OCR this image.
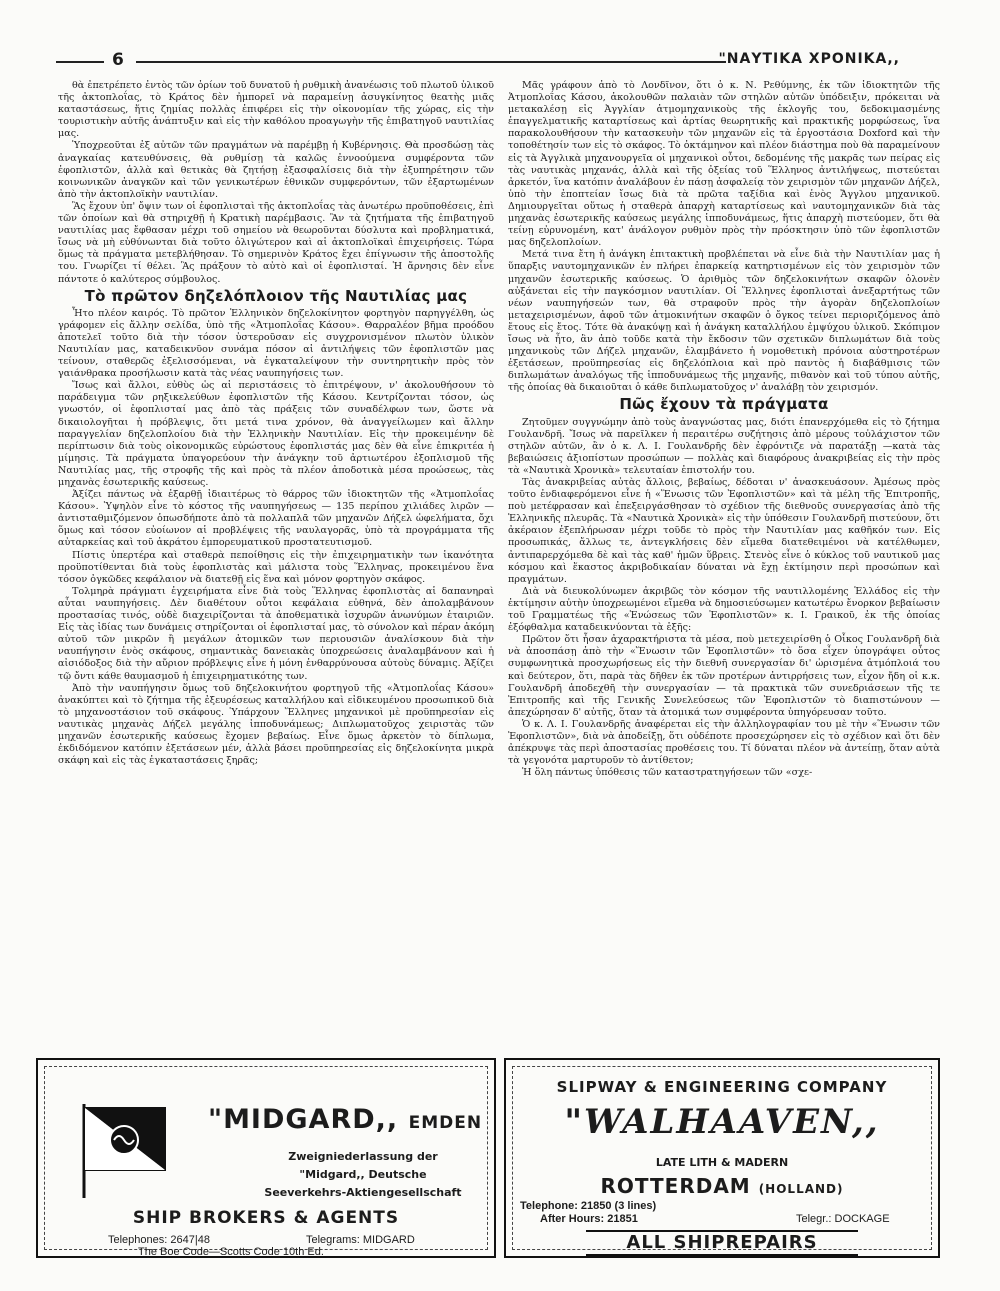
6	"ΝΑΥΤΙΚΑ ΧΡΟΝΙΚΑ,,

θὰ ἐπετρέπετο ἐντὸς τῶν ὁρίων τοῦ δυνατοῦ ἡ ρυθμικὴ ἀνανέωσις τοῦ πλωτοῦ ὑλικοῦ τῆς ἀκτοπλοΐας, τὸ Κράτος δὲν ἠμπορεῖ νὰ παραμείνῃ ἀσυγκίνητος θεατὴς μιᾶς καταστάσεως, ἥτις ζημίας πολλὰς ἐπιφέρει εἰς τὴν οἰκονομίαν τῆς χώρας, εἰς τὴν τουριστικὴν αὐτῆς ἀνάπτυξιν καὶ εἰς τὴν καθόλου προαγωγὴν τῆς ἐπιβατηγοῦ ναυτιλίας μας.

Ὑποχρεοῦται ἐξ αὐτῶν τῶν πραγμάτων νὰ παρέμβῃ ἡ Κυβέρνησις. Θὰ προσδώσῃ τὰς ἀναγκαίας κατευθύνσεις, θὰ ρυθμίσῃ τὰ καλῶς ἐννοούμενα συμφέροντα τῶν ἐφοπλιστῶν, ἀλλὰ καὶ θετικὰς θὰ ζητήσῃ ἐξασφαλίσεις διὰ τὴν ἐξυπηρέτησιν τῶν κοινωνικῶν ἀναγκῶν καὶ τῶν γενικωτέρων ἐθνικῶν συμφερόντων, τῶν ἐξαρτωμένων ἀπὸ τὴν ἀκτοπλοϊκὴν ναυτιλίαν.

Ἂς ἔχουν ὑπ' ὄψιν των οἱ ἐφοπλισταὶ τῆς ἀκτοπλοΐας τὰς ἀνωτέρω προϋποθέσεις, ἐπὶ τῶν ὁποίων καὶ θὰ στηριχθῇ ἡ Κρατικὴ παρέμβασις. Ἂν τὰ ζητήματα τῆς ἐπιβατηγοῦ ναυτιλίας μας ἔφθασαν μέχρι τοῦ σημείου νὰ θεωροῦνται δύσλυτα καὶ προβληματικά, ἴσως νὰ μὴ εὐθύνωνται διὰ τοῦτο ὀλιγώτερον καὶ αἱ ἀκτοπλοϊκαὶ ἐπιχειρήσεις. Τώρα ὅμως τὰ πράγματα μετεβλήθησαν. Τὸ σημερινὸν Κράτος ἔχει ἐπίγνωσιν τῆς ἀποστολῆς του. Γνωρίζει τί θέλει. Ἂς πράξουν τὸ αὐτὸ καὶ οἱ ἐφοπλισταί. Ἡ ἄρνησις δὲν εἶνε πάντοτε ὁ καλύτερος σύμβουλος.

Τὸ πρῶτον δηζελόπλοιον τῆς Ναυτιλίας μας

Ἦτο πλέον καιρός. Τὸ πρῶτον Ἑλληνικὸν δηζελοκίνητον φορτηγὸν παρηγγέλθη, ὡς γράφομεν εἰς ἄλλην σελίδα, ὑπὸ τῆς «Ἀτμοπλοΐας Κάσου». Θαρραλέον βῆμα προόδου ἀποτελεῖ τοῦτο διὰ τὴν τόσον ὑστεροῦσαν εἰς συγχρονισμένον πλωτὸν ὑλικὸν Ναυτιλίαν μας, καταδεικνῦον συνάμα πόσον αἱ ἀντιλήψεις τῶν ἐφοπλιστῶν μας τείνουν, σταθερῶς ἐξελισσόμεναι, νὰ ἐγκαταλείψουν τὴν συντηρητικὴν πρὸς τὸν γαιάνθρακα προσήλωσιν κατὰ τὰς νέας ναυπηγήσεις των.

Ἴσως καὶ ἄλλοι, εὐθὺς ὡς αἱ περιστάσεις τὸ ἐπιτρέψουν, ν' ἀκολουθήσουν τὸ παράδειγμα τῶν ρηξικελεύθων ἐφοπλιστῶν τῆς Κάσου. Κεντρίζονται τόσον, ὡς γνωστόν, οἱ ἐφοπλισταί μας ἀπὸ τὰς πράξεις τῶν συναδέλφων των, ὥστε νὰ δικαιολογῆται ἡ πρόβλεψις, ὅτι μετά τινα χρόνον, θὰ ἀναγγείλωμεν καὶ ἄλλην παραγγελίαν δηζελοπλοίου διὰ τὴν Ἑλληνικὴν Ναυτιλίαν. Εἰς τὴν προκειμένην δὲ περίπτωσιν διὰ τοὺς οἰκονομικῶς εὐρώστους ἐφοπλιστάς μας δὲν θὰ εἶνε ἐπικριτέα ἡ μίμησις. Τὰ πράγματα ὑπαγορεύουν τὴν ἀνάγκην τοῦ ἀρτιωτέρου ἐξοπλισμοῦ τῆς Ναυτιλίας μας, τῆς στροφῆς τῆς καὶ πρὸς τὰ πλέον ἀποδοτικὰ μέσα προώσεως, τὰς μηχανὰς ἐσωτερικῆς καύσεως.

Ἀξίζει πάντως νὰ ἐξαρθῇ ἰδιαιτέρως τὸ θάρρος τῶν ἰδιοκτητῶν τῆς «Ἀτμοπλοΐας Κάσου». Ὑψηλὸν εἶνε τὸ κόστος τῆς ναυπηγήσεως — 135 περίπου χιλιάδες λιρῶν — ἀντισταθμιζόμενον ὁπωσδήποτε ἀπὸ τὰ πολλαπλᾶ τῶν μηχανῶν Δήζελ ὠφελήματα, ὄχι ὅμως καὶ τόσον εὐοίωνον αἱ προβλέψεις τῆς ναυλαγορᾶς, ὑπὸ τὰ προγράμματα τῆς αὐταρκείας καὶ τοῦ ἀκράτου ἐμπορευματικοῦ προστατευτισμοῦ.

Πίστις ὑπερτέρα καὶ σταθερὰ πεποίθησις εἰς τὴν ἐπιχειρηματικὴν των ἱκανότητα προϋποτίθενται διὰ τοὺς ἐφοπλιστὰς καὶ μάλιστα τοὺς Ἕλληνας, προκειμένου ἕνα τόσον ὀγκῶδες κεφάλαιον νὰ διατεθῇ εἰς ἕνα καὶ μόνον φορτηγὸν σκάφος.

Τολμηρὰ πράγματι ἐγχειρήματα εἶνε διὰ τοὺς Ἕλληνας ἐφοπλιστὰς αἱ δαπανηραὶ αὗται ναυπηγήσεις. Δὲν διαθέτουν οὗτοι κεφάλαια εὐθηνά, δὲν ἀπολαμβάνουν προστασίας τινός, οὐδὲ διαχειρίζονται τὰ ἀποθεματικὰ ἰσχυρῶν ἀνωνύμων ἑταιριῶν. Εἰς τὰς ἰδίας των δυνάμεις στηρίζονται οἱ ἐφοπλισταί μας, τὸ σύνολον καὶ πέραν ἀκόμη αὐτοῦ τῶν μικρῶν ἢ μεγάλων ἀτομικῶν των περιουσιῶν ἀναλίσκουν διὰ τὴν ναυπήγησιν ἑνὸς σκάφους, σημαντικὰς δανειακὰς ὑποχρεώσεις ἀναλαμβάνουν καὶ ἡ αἰσιόδοξος διὰ τὴν αὔριον πρόβλεψις εἶνε ἡ μόνη ἐνθαρρύνουσα αὐτοὺς δύναμις. Ἀξίζει τῷ ὄντι κάθε θαυμασμοῦ ἡ ἐπιχειρηματικότης των.

Ἀπὸ τὴν ναυπήγησιν ὅμως τοῦ δηζελοκινήτου φορτηγοῦ τῆς «Ἀτμοπλοΐας Κάσου» ἀνακύπτει καὶ τὸ ζήτημα τῆς ἐξευρέσεως καταλλήλου καὶ εἰδικευμένου προσωπικοῦ διὰ τὸ μηχανοστάσιον τοῦ σκάφους. Ὑπάρχουν Ἕλληνες μηχανικοὶ μὲ προϋπηρεσίαν εἰς ναυτικὰς μηχανὰς Δήζελ μεγάλης ἱπποδυνάμεως; Διπλωματοῦχος χειριστὰς τῶν μηχανῶν ἐσωτερικῆς καύσεως ἔχομεν βεβαίως. Εἶνε ὅμως ἀρκετὸν τὸ δίπλωμα, ἐκδιδόμενον κατόπιν ἐξετάσεων μέν, ἀλλὰ βάσει προϋπηρεσίας εἰς δηζελοκίνητα μικρὰ σκάφη καὶ εἰς τὰς ἐγκαταστάσεις ξηρᾶς;

Μᾶς γράφουν ἀπὸ τὸ Λονδῖνον, ὅτι ὁ κ. Ν. Ρεθύμνης, ἐκ τῶν ἰδιοκτητῶν τῆς Ἀτμοπλοΐας Κάσου, ἀκολουθῶν παλαιὰν τῶν στηλῶν αὐτῶν ὑπόδειξιν, πρόκειται νὰ μετακαλέσῃ εἰς Ἀγγλίαν ἀτμομηχανικοὺς τῆς ἐκλογῆς του, δεδοκιμασμένης ἐπαγγελματικῆς καταρτίσεως καὶ ἀρτίας θεωρητικῆς καὶ πρακτικῆς μορφώσεως, ἵνα παρακολουθήσουν τὴν κατασκευὴν τῶν μηχανῶν εἰς τὰ ἐργοστάσια Doxford καὶ τὴν τοποθέτησίν των εἰς τὸ σκάφος. Τὸ ὀκτάμηνον καὶ πλέον διάστημα ποὺ θὰ παραμείνουν εἰς τὰ Ἀγγλικὰ μηχανουργεῖα οἱ μηχανικοὶ οὗτοι, δεδομένης τῆς μακρᾶς των πείρας εἰς τὰς ναυτικὰς μηχανάς, ἀλλὰ καὶ τῆς ὀξείας τοῦ Ἕλληνος ἀντιλήψεως, πιστεύεται ἀρκετόν, ἵνα κατόπιν ἀναλάβουν ἐν πάσῃ ἀσφαλείᾳ τὸν χειρισμὸν τῶν μηχανῶν Δήζελ, ὑπὸ τὴν ἐποπτείαν ἴσως διὰ τὰ πρῶτα ταξίδια καὶ ἑνὸς Ἄγγλου μηχανικοῦ. Δημιουργεῖται οὕτως ἡ σταθερὰ ἀπαρχὴ καταρτίσεως καὶ ναυτομηχανικῶν διὰ τὰς μηχανὰς ἐσωτερικῆς καύσεως μεγάλης ἱπποδυνάμεως, ἥτις ἀπαρχὴ πιστεύομεν, ὅτι θὰ τείνῃ εὐρυνομένη, κατ' ἀνάλογον ρυθμὸν πρὸς τὴν πρόσκτησιν ὑπὸ τῶν ἐφοπλιστῶν μας δηζελοπλοίων.

Μετά τινα ἔτη ἡ ἀνάγκη ἐπιτακτικὴ προβλέπεται νὰ εἶνε διὰ τὴν Ναυτιλίαν μας ἡ ὕπαρξις ναυτομηχανικῶν ἐν πλήρει ἐπαρκείᾳ κατηρτισμένων εἰς τὸν χειρισμὸν τῶν μηχανῶν ἐσωτερικῆς καύσεως. Ὁ ἀριθμὸς τῶν δηζελοκινήτων σκαφῶν ὁλονὲν αὐξάνεται εἰς τὴν παγκόσμιον ναυτιλίαν. Οἱ Ἕλληνες ἐφοπλισταὶ ἀνεξαρτήτως τῶν νέων ναυπηγήσεών των, θὰ στραφοῦν πρὸς τὴν ἀγορὰν δηζελοπλοίων μεταχειρισμένων, ἀφοῦ τῶν ἀτμοκινήτων σκαφῶν ὁ ὄγκος τείνει περιοριζόμενος ἀπὸ ἔτους εἰς ἔτος. Τότε θὰ ἀνακύψῃ καὶ ἡ ἀνάγκη καταλλήλου ἐμψύχου ὑλικοῦ. Σκόπιμον ἴσως νὰ ἦτο, ἂν ἀπὸ τοῦδε κατὰ τὴν ἔκδοσιν τῶν σχετικῶν διπλωμάτων διὰ τοὺς μηχανικοὺς τῶν Δήζελ μηχανῶν, ἐλαμβάνετο ἡ νομοθετικὴ πρόνοια αὐστηροτέρων ἐξετάσεων, προϋπηρεσίας εἰς δηζελόπλοια καὶ πρὸ παντὸς ἡ διαβάθμισις τῶν διπλωμάτων ἀναλόγως τῆς ἱπποδυνάμεως τῆς μηχανῆς, πιθανὸν καὶ τοῦ τύπου αὐτῆς, τῆς ὁποίας θὰ δικαιοῦται ὁ κάθε διπλωματοῦχος ν' ἀναλάβῃ τὸν χειρισμόν.

Πῶς ἔχουν τὰ πράγματα

Ζητοῦμεν συγγνώμην ἀπὸ τοὺς ἀναγνώστας μας, διότι ἐπανερχόμεθα εἰς τὸ ζήτημα Γουλανδρῆ. Ἴσως νὰ παρεῖλκεν ἡ περαιτέρω συζήτησις ἀπὸ μέρους τοὐλάχιστον τῶν στηλῶν αὐτῶν, ἂν ὁ κ. Λ. Ι. Γουλανδρῆς δὲν ἐφρόντιζε νὰ παρατάξῃ —κατὰ τὰς βεβαιώσεις ἀξιοπίστων προσώπων — πολλὰς καὶ διαφόρους ἀνακριβείας εἰς τὴν πρὸς τὰ «Ναυτικὰ Χρονικὰ» τελευταίαν ἐπιστολήν του.

Τὰς ἀνακριβείας αὐτὰς ἄλλοις, βεβαίως, δέδοται ν' ἀνασκευάσουν. Ἀμέσως πρὸς τοῦτο ἐνδιαφερόμενοι εἶνε ἡ «Ἕνωσις τῶν Ἐφοπλιστῶν» καὶ τὰ μέλη τῆς Ἐπιτροπῆς, ποὺ μετέφρασαν καὶ ἐπεξειργάσθησαν τὸ σχέδιον τῆς διεθνοῦς συνεργασίας ἀπὸ τῆς Ἑλληνικῆς πλευρᾶς. Τὰ «Ναυτικὰ Χρονικὰ» εἰς τὴν ὑπόθεσιν Γουλανδρῆ πιστεύουν, ὅτι ἀκέραιον ἐξεπλήρωσαν μέχρι τοῦδε τὸ πρὸς τὴν Ναυτιλίαν μας καθῆκόν των. Εἰς προσωπικάς, ἄλλως τε, ἀντεγκλήσεις δὲν εἴμεθα διατεθειμένοι νὰ κατέλθωμεν, ἀντιπαρερχόμεθα δὲ καὶ τὰς καθ' ἡμῶν ὕβρεις. Στενὸς εἶνε ὁ κύκλος τοῦ ναυτικοῦ μας κόσμου καὶ ἕκαστος ἀκριβοδικαίαν δύναται νὰ ἔχῃ ἐκτίμησιν περὶ προσώπων καὶ πραγμάτων.

Διὰ νὰ διευκολύνωμεν ἀκριβῶς τὸν κόσμον τῆς ναυτιλλομένης Ἑλλάδος εἰς τὴν ἐκτίμησιν αὐτὴν ὑποχρεωμένοι εἴμεθα νὰ δημοσιεύσωμεν κατωτέρω ἔνορκον βεβαίωσιν τοῦ Γραμματέως τῆς «Ἑνώσεως τῶν Ἐφοπλιστῶν» κ. Ι. Γραικοῦ, ἐκ τῆς ὁποίας ἐξόφθαλμα καταδεικνύονται τὰ ἑξῆς:

Πρῶτον ὅτι ἦσαν ἀχαρακτήριστα τὰ μέσα, ποὺ μετεχειρίσθη ὁ Οἶκος Γουλανδρῆ διὰ νὰ ἀποσπάσῃ ἀπὸ τὴν «Ἕνωσιν τῶν Ἐφοπλιστῶν» τὸ ὅσα εἶχεν ὑπογράψει οὗτος συμφωνητικὰ προσχωρήσεως εἰς τὴν διεθνῆ συνεργασίαν δι' ὡρισμένα ἀτμόπλοιά του καὶ δεύτερον, ὅτι, παρὰ τὰς δῆθεν ἐκ τῶν προτέρων ἀντιρρήσεις των, εἶχον ἤδη οἱ κ.κ. Γουλανδρῆ ἀποδεχθῆ τὴν συνεργασίαν — τὰ πρακτικὰ τῶν συνεδριάσεων τῆς τε Ἐπιτροπῆς καὶ τῆς Γενικῆς Συνελεύσεως τῶν Ἐφοπλιστῶν τὸ διαπιστώνουν — ἀπεχώρησαν δ' αὐτῆς, ὅταν τὰ ἀτομικά των συμφέροντα ὑπηγόρευσαν τοῦτο.

Ὁ κ. Λ. Ι. Γουλανδρῆς ἀναφέρεται εἰς τὴν ἀλληλογραφίαν του μὲ τὴν «Ἕνωσιν τῶν Ἐφοπλιστῶν», διὰ νὰ ἀποδείξῃ, ὅτι οὐδέποτε προσεχώρησεν εἰς τὸ σχέδιον καὶ ὅτι δὲν ἀπέκρυψε τὰς περὶ ἀποστασίας προθέσεις του. Τί δύναται πλέον νὰ ἀντείπῃ, ὅταν αὐτὰ τὰ γεγονότα μαρτυροῦν τὸ ἀντίθετον;

Ἡ ὅλη πάντως ὑπόθεσις τῶν καταστρατηγήσεων τῶν «σχε-

"MIDGARD,, EMDEN
Zweigniederlassung der
"Midgard,, Deutsche
Seeverkehrs-Aktiengesellschaft
SHIP BROKERS & AGENTS
Telephones: 2647|48	Telegrams: MIDGARD
The Boe Code—Scotts Code 10th Ed.
SLIPWAY & ENGINEERING COMPANY
"WALHAAVEN,,
LATE LITH & MADERN
ROTTERDAM (HOLLAND)
Telephone: 21850 (3 lines)
After Hours: 21851	Telegr.: DOCKAGE
ALL SHIPREPAIRS
